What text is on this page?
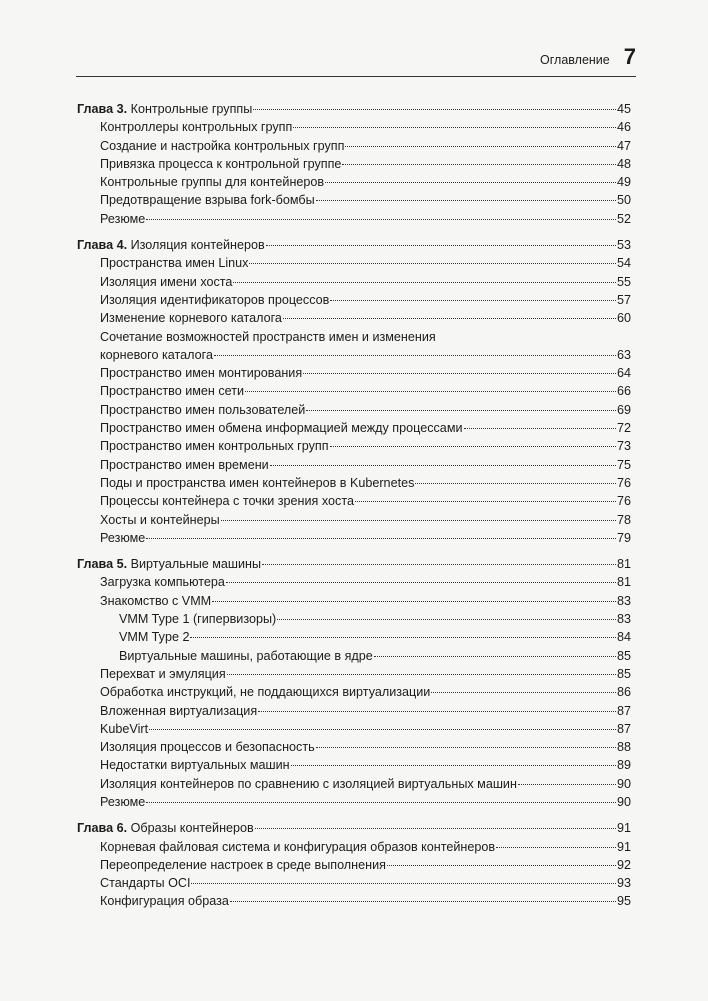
Оглавление 7
Глава 3. Контрольные группы	45
Контроллеры контрольных групп	46
Создание и настройка контрольных групп	47
Привязка процесса к контрольной группе	48
Контрольные группы для контейнеров	49
Предотвращение взрыва fork-бомбы	50
Резюме	52
Глава 4. Изоляция контейнеров	53
Пространства имен Linux	54
Изоляция имени хоста	55
Изоляция идентификаторов процессов	57
Изменение корневого каталога	60
Сочетание возможностей пространств имен и изменения
корневого каталога	63
Пространство имен монтирования	64
Пространство имен сети	66
Пространство имен пользователей	69
Пространство имен обмена информацией между процессами	72
Пространство имен контрольных групп	73
Пространство имен времени	75
Поды и пространства имен контейнеров в Kubernetes	76
Процессы контейнера с точки зрения хоста	76
Хосты и контейнеры	78
Резюме	79
Глава 5. Виртуальные машины	81
Загрузка компьютера	81
Знакомство с VMM	83
VMM Type 1 (гипервизоры)	83
VMM Type 2	84
Виртуальные машины, работающие в ядре	85
Перехват и эмуляция	85
Обработка инструкций, не поддающихся виртуализации	86
Вложенная виртуализация	87
KubeVirt	87
Изоляция процессов и безопасность	88
Недостатки виртуальных машин	89
Изоляция контейнеров по сравнению с изоляцией виртуальных машин	90
Резюме	90
Глава 6. Образы контейнеров	91
Корневая файловая система и конфигурация образов контейнеров	91
Переопределение настроек в среде выполнения	92
Стандарты OCI	93
Конфигурация образа	95
